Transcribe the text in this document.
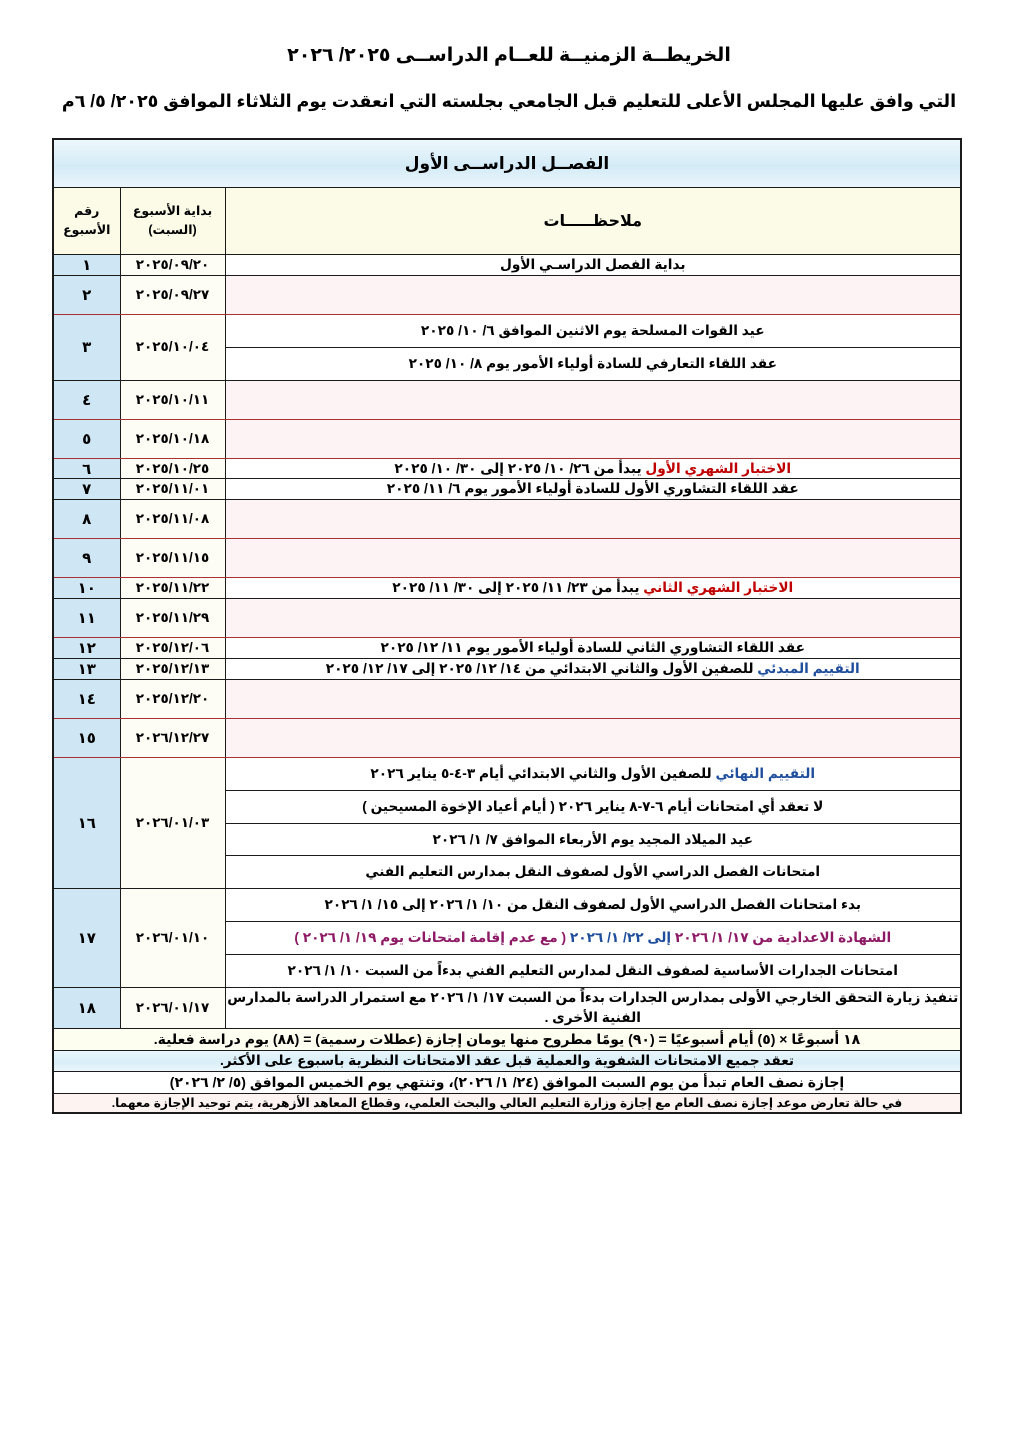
الخريطــة الزمنيــة للعــام الدراســى ٢٠٢٥/ ٢٠٢٦
التي وافق عليها المجلس الأعلى للتعليم قبل الجامعي بجلسته التي انعقدت يوم الثلاثاء الموافق ٢٠٢٥/ ٥/ ٦م
الفصــل الدراســى الأول		
ملاحظـــــات	
بداية الأسبوع
(السبت)

رقم
الأسبوع

بداية الفصل الدراسـي الأول	٢٠٢٥/٠٩/٢٠	١
	٢٠٢٥/٠٩/٢٧	٢

عيد القوات المسلحة يوم الاثنين الموافق ٦/ ١٠/ ٢٠٢٥
عقد اللقاء التعارفي للسادة أولياء الأمور يوم ٨/ ١٠/ ٢٠٢٥	٢٠٢٥/١٠/٠٤	٣
	٢٠٢٥/١٠/١١	٤
	٢٠٢٥/١٠/١٨	٥
الاختبار الشهري الأول يبدأ من ٢٦/ ١٠/ ٢٠٢٥ إلى ٣٠/ ١٠/ ٢٠٢٥	٢٠٢٥/١٠/٢٥	٦
عقد اللقاء التشاوري الأول للسادة أولياء الأمور يوم ٦/ ١١/ ٢٠٢٥	٢٠٢٥/١١/٠١	٧
	٢٠٢٥/١١/٠٨	٨
	٢٠٢٥/١١/١٥	٩
الاختبار الشهري الثاني يبدأ من ٢٣/ ١١/ ٢٠٢٥ إلى ٣٠/ ١١/ ٢٠٢٥	٢٠٢٥/١١/٢٢	١٠
	٢٠٢٥/١١/٢٩	١١
عقد اللقاء التشاوري الثاني للسادة أولياء الأمور يوم ١١/ ١٢/ ٢٠٢٥	٢٠٢٥/١٢/٠٦	١٢
التقييم المبدئي للصفين الأول والثاني الابتدائي من ١٤/ ١٢/ ٢٠٢٥ إلى ١٧/ ١٢/ ٢٠٢٥	٢٠٢٥/١٢/١٣	١٣
	٢٠٢٥/١٢/٢٠	١٤
	٢٠٢٦/١٢/٢٧	١٥

التقييم النهائي للصفين الأول والثاني الابتدائي أيام ٣-٤-٥ يناير ٢٠٢٦
لا تعقد أي امتحانات أيام ٦-٧-٨ يناير ٢٠٢٦ ( أيام أعياد الإخوة المسيحين )
عيد الميلاد المجيد يوم الأربعاء الموافق ٧/ ١/ ٢٠٢٦
امتحانات الفصل الدراسي الأول لصفوف النقل بمدارس التعليم الفني	٢٠٢٦/٠١/٠٣	١٦

بدء امتحانات الفصل الدراسي الأول لصفوف النقل من ١٠/ ١/ ٢٠٢٦ إلى ١٥/ ١/ ٢٠٢٦
الشهادة الاعدادية من ١٧/ ١/ ٢٠٢٦ إلى ٢٢/ ١/ ٢٠٢٦ ( مع عدم إقامة امتحانات يوم ١٩/ ١/ ٢٠٢٦ )
امتحانات الجدارات الأساسية لصفوف النقل لمدارس التعليم الفني بدءاً من السبت ١٠/ ١/ ٢٠٢٦	٢٠٢٦/٠١/١٠	١٧
تنفيذ زيارة التحقق الخارجي الأولى بمدارس الجدارات بدءاً من السبت ١٧/ ١/ ٢٠٢٦ مع استمرار الدراسة بالمدارس الفنية الأخرى .	٢٠٢٦/٠١/١٧	١٨
١٨ أسبوعًا × (٥) أيام أسبوعيًا = (٩٠) يومًا مطروح منها يومان إجازة (عطلات رسمية) = (٨٨) يوم دراسة فعلية.		
تعقد جميع الامتحانات الشفوية والعملية قبل عقد الامتحانات النظرية باسبوع على الأكثر.		
إجازة نصف العام تبدأ من يوم السبت الموافق (٢٤/ ١/ ٢٠٢٦)، وتنتهي يوم الخميس الموافق (٥/ ٢/ ٢٠٢٦)		
في حالة تعارض موعد إجازة نصف العام مع إجازة وزارة التعليم العالي والبحث العلمي، وقطاع المعاهد الأزهرية، يتم توحيد الإجازة معهما.		
